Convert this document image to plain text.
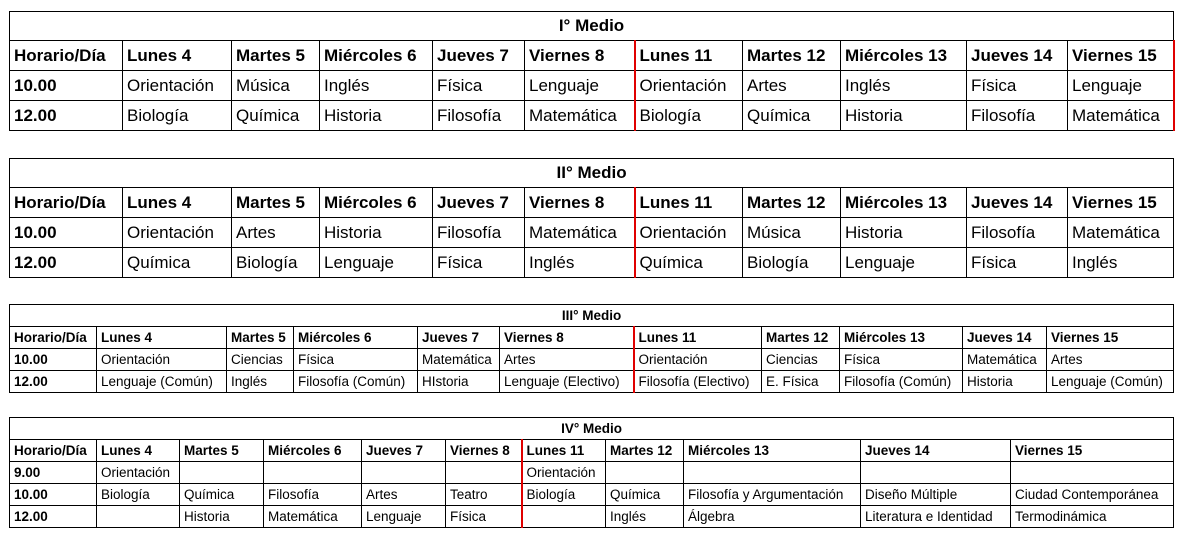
I° Medio										
Horario/Día	Lunes 4	Martes 5	Miércoles 6	Jueves 7	Viernes 8	Lunes 11	Martes 12	Miércoles 13	Jueves 14	Viernes 15
10.00	Orientación	Música	Inglés	Física	Lenguaje	Orientación	Artes	Inglés	Física	Lenguaje
12.00	Biología	Química	Historia	Filosofía	Matemática	Biología	Química	Historia	Filosofía	Matemática
II° Medio										
Horario/Día	Lunes 4	Martes 5	Miércoles 6	Jueves 7	Viernes 8	Lunes 11	Martes 12	Miércoles 13	Jueves 14	Viernes 15
10.00	Orientación	Artes	Historia	Filosofía	Matemática	Orientación	Música	Historia	Filosofía	Matemática
12.00	Química	Biología	Lenguaje	Física	Inglés	Química	Biología	Lenguaje	Física	Inglés
III° Medio										
Horario/Día	Lunes 4	Martes 5	Miércoles 6	Jueves 7	Viernes 8	Lunes 11	Martes 12	Miércoles 13	Jueves 14	Viernes 15
10.00	Orientación	Ciencias	Física	Matemática	Artes	Orientación	Ciencias	Física	Matemática	Artes
12.00	Lenguaje (Común)	Inglés	Filosofía (Común)	HIstoria	Lenguaje (Electivo)	Filosofía (Electivo)	E. Física	Filosofía (Común)	Historia	Lenguaje (Común)
IV° Medio										
Horario/Día	Lunes 4	Martes 5	Miércoles 6	Jueves 7	Viernes 8	Lunes 11	Martes 12	Miércoles 13	Jueves 14	Viernes 15
9.00	Orientación					Orientación				
10.00	Biología	Química	Filosofía	Artes	Teatro	Biología	Química	Filosofía y Argumentación	Diseño Múltiple	Ciudad Contemporánea
12.00		Historia	Matemática	Lenguaje	Física		Inglés	Álgebra	Literatura e Identidad	Termodinámica
